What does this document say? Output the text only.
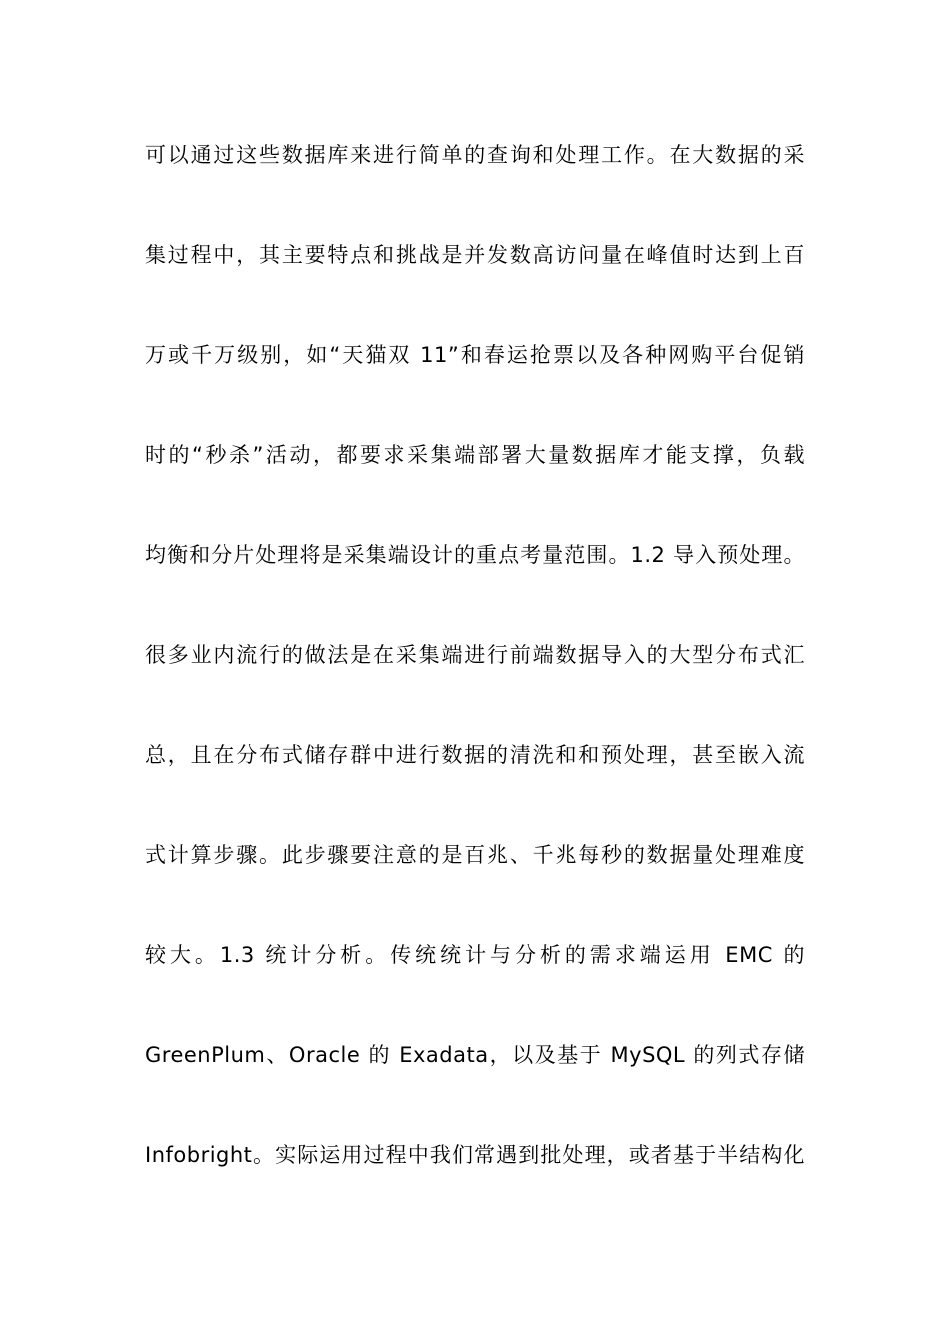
可以通过这些数据库来进行简单的查询和处理工作。在大数据的采
集过程中，其主要特点和挑战是并发数高访问量在峰值时达到上百
万或千万级别，如“天猫双 11”和春运抢票以及各种网购平台促销
时的“秒杀”活动，都要求采集端部署大量数据库才能支撑，负载
均衡和分片处理将是采集端设计的重点考量范围。1.2 导入预处理。
很多业内流行的做法是在采集端进行前端数据导入的大型分布式汇
总，且在分布式储存群中进行数据的清洗和和预处理，甚至嵌入流
式计算步骤。此步骤要注意的是百兆、千兆每秒的数据量处理难度
较大。1.3 统计分析。传统统计与分析的需求端运用 EMC 的
GreenPlum、Oracle 的 Exadata，以及基于 MySQL 的列式存储
Infobright。实际运用过程中我们常遇到批处理，或者基于半结构化
